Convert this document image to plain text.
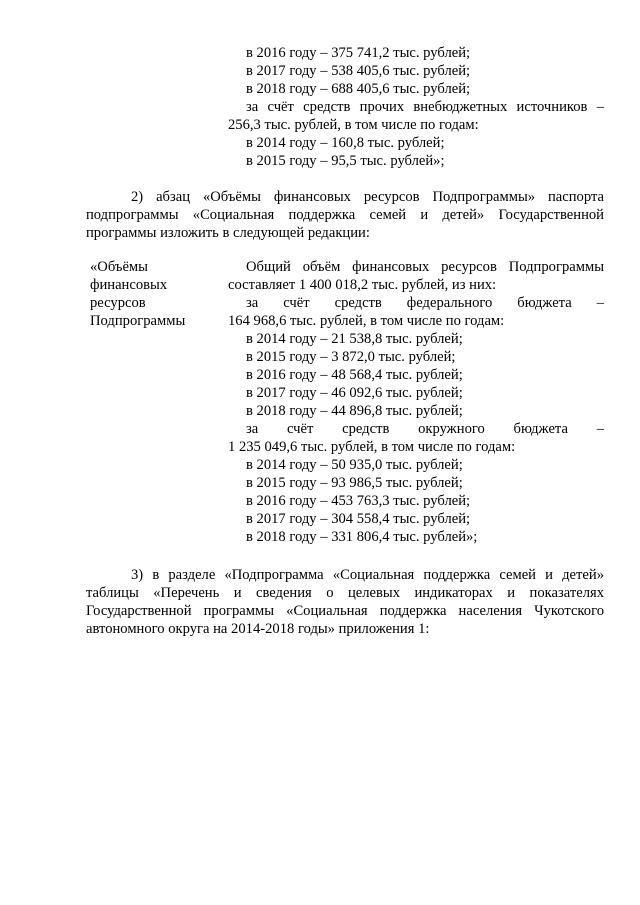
в 2016 году – 375 741,2 тыс. рублей;
в 2017 году – 538 405,6 тыс. рублей;
в 2018 году – 688 405,6 тыс. рублей;
за счёт средств прочих внебюджетных источников –
256,3 тыс. рублей, в том числе по годам:
в 2014 году – 160,8 тыс. рублей;
в 2015 году – 95,5 тыс. рублей»;
2) абзац «Объёмы финансовых ресурсов Подпрограммы» паспорта
подпрограммы «Социальная поддержка семей и детей» Государственной
программы изложить в следующей редакции:
«Объёмы
финансовых
ресурсов
Подпрограммы
Общий объём финансовых ресурсов Подпрограммы
составляет 1 400 018,2 тыс. рублей, из них:
за счёт средств федерального бюджета –
164 968,6 тыс. рублей, в том числе по годам:
в 2014 году – 21 538,8 тыс. рублей;
в 2015 году – 3 872,0 тыс. рублей;
в 2016 году – 48 568,4 тыс. рублей;
в 2017 году – 46 092,6 тыс. рублей;
в 2018 году – 44 896,8 тыс. рублей;
за счёт средств окружного бюджета –
1 235 049,6 тыс. рублей, в том числе по годам:
в 2014 году – 50 935,0 тыс. рублей;
в 2015 году – 93 986,5 тыс. рублей;
в 2016 году – 453 763,3 тыс. рублей;
в 2017 году – 304 558,4 тыс. рублей;
в 2018 году – 331 806,4 тыс. рублей»;
3) в разделе «Подпрограмма «Социальная поддержка семей и детей»
таблицы «Перечень и сведения о целевых индикаторах и показателях
Государственной программы «Социальная поддержка населения Чукотского
автономного округа на 2014-2018 годы» приложения 1:
